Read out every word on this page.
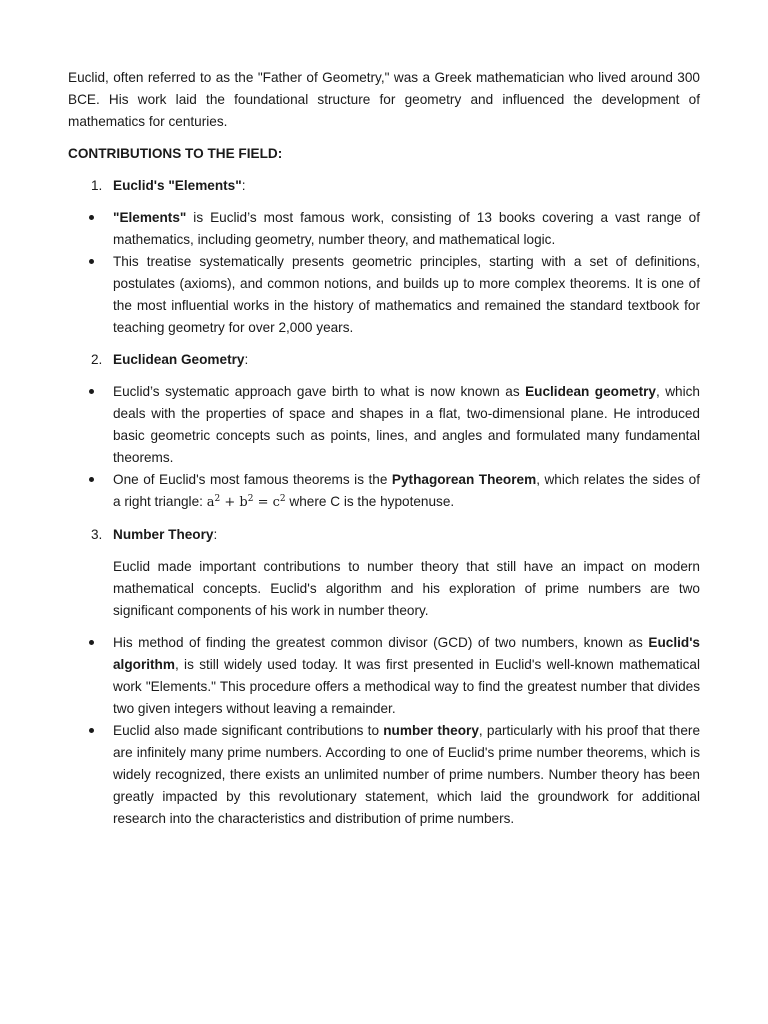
Euclid, often referred to as the "Father of Geometry," was a Greek mathematician who lived around 300 BCE. His work laid the foundational structure for geometry and influenced the development of mathematics for centuries.

CONTRIBUTIONS TO THE FIELD:

1. Euclid's "Elements":
"Elements" is Euclid’s most famous work, consisting of 13 books covering a vast range of mathematics, including geometry, number theory, and mathematical logic.
This treatise systematically presents geometric principles, starting with a set of definitions, postulates (axioms), and common notions, and builds up to more complex theorems. It is one of the most influential works in the history of mathematics and remained the standard textbook for teaching geometry for over 2,000 years.
2. Euclidean Geometry:
Euclid’s systematic approach gave birth to what is now known as Euclidean geometry, which deals with the properties of space and shapes in a flat, two-dimensional plane. He introduced basic geometric concepts such as points, lines, and angles and formulated many fundamental theorems.
One of Euclid's most famous theorems is the Pythagorean Theorem, which relates the sides of a right triangle: $a^2 + b^2 = c^2$ where C is the hypotenuse.
3. Number Theory:

Euclid made important contributions to number theory that still have an impact on modern mathematical concepts. Euclid's algorithm and his exploration of prime numbers are two significant components of his work in number theory.

His method of finding the greatest common divisor (GCD) of two numbers, known as Euclid's algorithm, is still widely used today. It was first presented in Euclid's well-known mathematical work "Elements." This procedure offers a methodical way to find the greatest number that divides two given integers without leaving a remainder.
Euclid also made significant contributions to number theory, particularly with his proof that there are infinitely many prime numbers. According to one of Euclid's prime number theorems, which is widely recognized, there exists an unlimited number of prime numbers. Number theory has been greatly impacted by this revolutionary statement, which laid the groundwork for additional research into the characteristics and distribution of prime numbers.
